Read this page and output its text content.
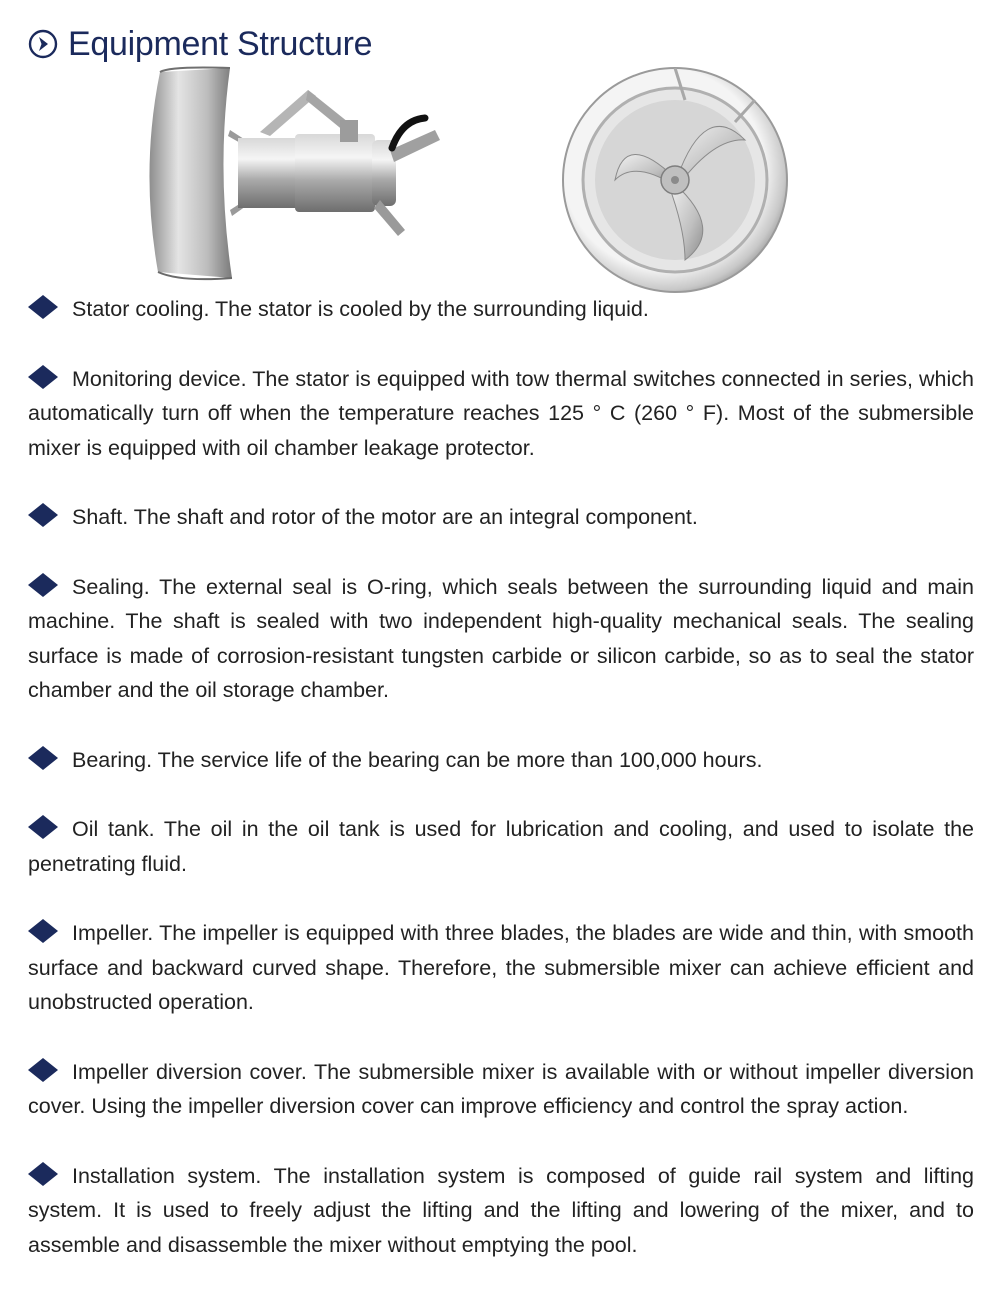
Equipment Structure

Stator cooling. The stator is cooled by the surrounding liquid.

Monitoring device. The stator is equipped with tow thermal switches connected in series, which automatically turn off when the temperature reaches 125 ° C (260 ° F). Most of the submersible mixer is equipped with oil chamber leakage protector.

Shaft. The shaft and rotor of the motor are an integral component.

Sealing. The external seal is O-ring, which seals between the surrounding liquid and main machine. The shaft is sealed with two independent high-quality mechanical seals. The sealing surface is made of corrosion-resistant tungsten carbide or silicon carbide, so as to seal the stator chamber and the oil storage chamber.

Bearing. The service life of the bearing can be more than 100,000 hours.

Oil tank. The oil in the oil tank is used for lubrication and cooling, and used to isolate the penetrating fluid.

Impeller. The impeller is equipped with three blades, the blades are wide and thin, with smooth surface and backward curved shape. Therefore, the submersible mixer can achieve efficient and unobstructed operation.

Impeller diversion cover. The submersible mixer is available with or without impeller diversion cover. Using the impeller diversion cover can improve efficiency and control the spray action.

Installation system. The installation system is composed of guide rail system and lifting system. It is used to freely adjust the lifting and the lifting and lowering of the mixer, and to assemble and disassemble the mixer without emptying the pool.
